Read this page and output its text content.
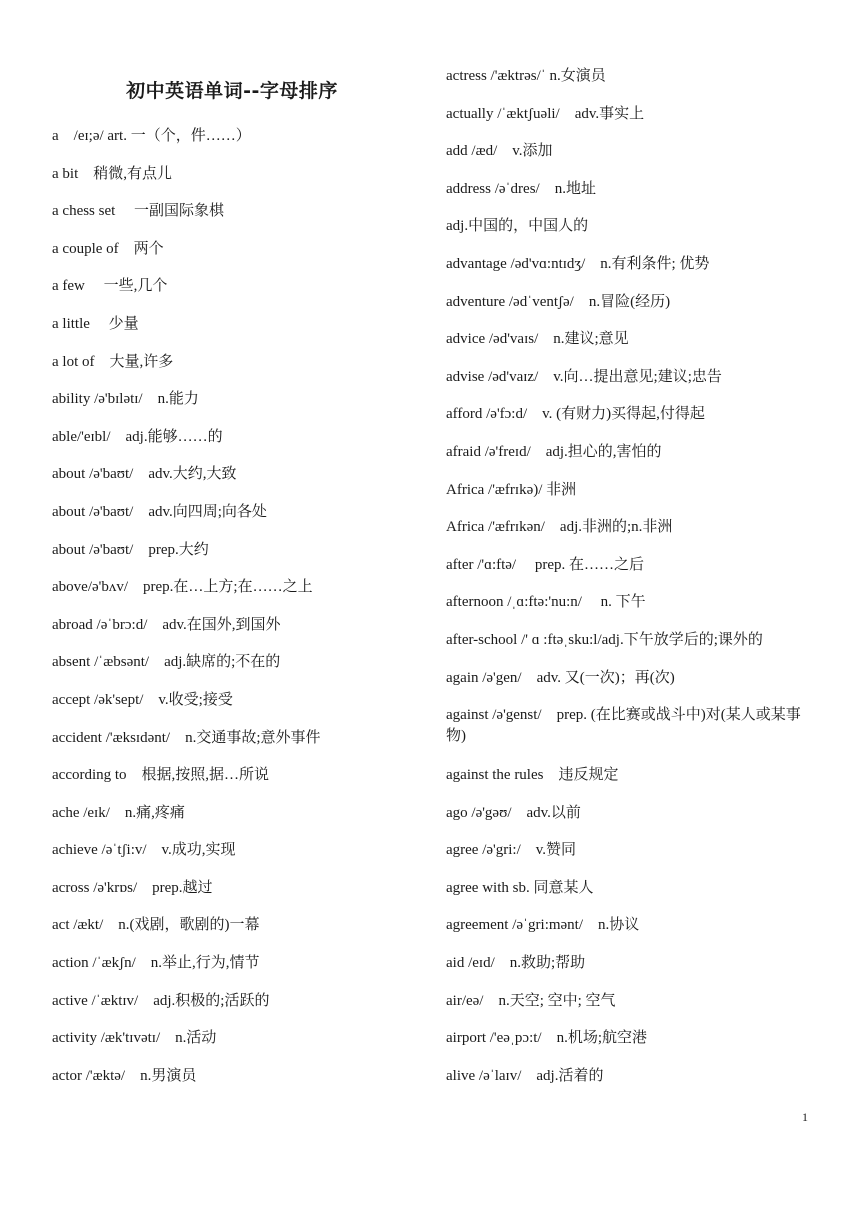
初中英语单词--字母排序
a　/eɪ;ə/ art. 一（个，件……）
a bit　稍微,有点儿
a chess set　 一副国际象棋
a couple of　两个
a few　 一些,几个
a little　 少量
a lot of　大量,许多
ability /ə'bɪlətɪ/　n.能力
able/'eɪbl/　adj.能够……的
about /ə'baʊt/　adv.大约,大致
about /ə'baʊt/　adv.向四周;向各处
about /ə'baʊt/　prep.大约
above/ə'bʌv/　prep.在…上方;在……之上
abroad /əˈbrɔ:d/　adv.在国外,到国外
absent /ˈæbsənt/　adj.缺席的;不在的
accept /ək'sept/　v.收受;接受
accident /'æksɪdənt/　n.交通事故;意外事件
according to　根据,按照,据…所说
ache /eɪk/　n.痛,疼痛
achieve /əˈtʃi:v/　v.成功,实现
across /ə'krɒs/　prep.越过
act /ækt/　n.(戏剧，歌剧的)一幕
action /ˈækʃn/　n.举止,行为,情节
active /ˈæktɪv/　adj.积极的;活跃的
activity /æk'tɪvətɪ/　n.活动
actor /'æktə/　n.男演员
actress /'æktrəs/ˈ n.女演员
actually /ˈæktʃuəli/　adv.事实上
add /æd/　v.添加
address /əˈdres/　n.地址
adj.中国的，中国人的
advantage /əd'vɑ:ntɪdʒ/　n.有利条件; 优势
adventure /ədˈventʃə/　n.冒险(经历)
advice /əd'vaɪs/　n.建议;意见
advise /əd'vaɪz/　v.向…提出意见;建议;忠告
afford /ə'fɔ:d/　v. (有财力)买得起,付得起
afraid /ə'freɪd/　adj.担心的,害怕的
Africa /'æfrɪkə)/ 非洲
Africa /'æfrɪkən/　adj.非洲的;n.非洲
after /'ɑ:ftə/　 prep. 在……之后
afternoon /ˌɑ:ftə:'nu:n/　 n. 下午
after-school /' ɑ :ftəˌsku:l/adj.下午放学后的;课外的
again /ə'gen/　adv. 又(一次)；再(次)
against /ə'genst/　prep. (在比赛或战斗中)对(某人或某事物)
against the rules　违反规定
ago /ə'gəʊ/　adv.以前
agree /ə'gri:/　v.赞同
agree with sb. 同意某人
agreement /əˈgri:mənt/　n.协议
aid /eɪd/　n.救助;帮助
air/eə/　n.天空; 空中; 空气
airport /'eəˌpɔ:t/　n.机场;航空港
alive /əˈlaɪv/　adj.活着的
1
